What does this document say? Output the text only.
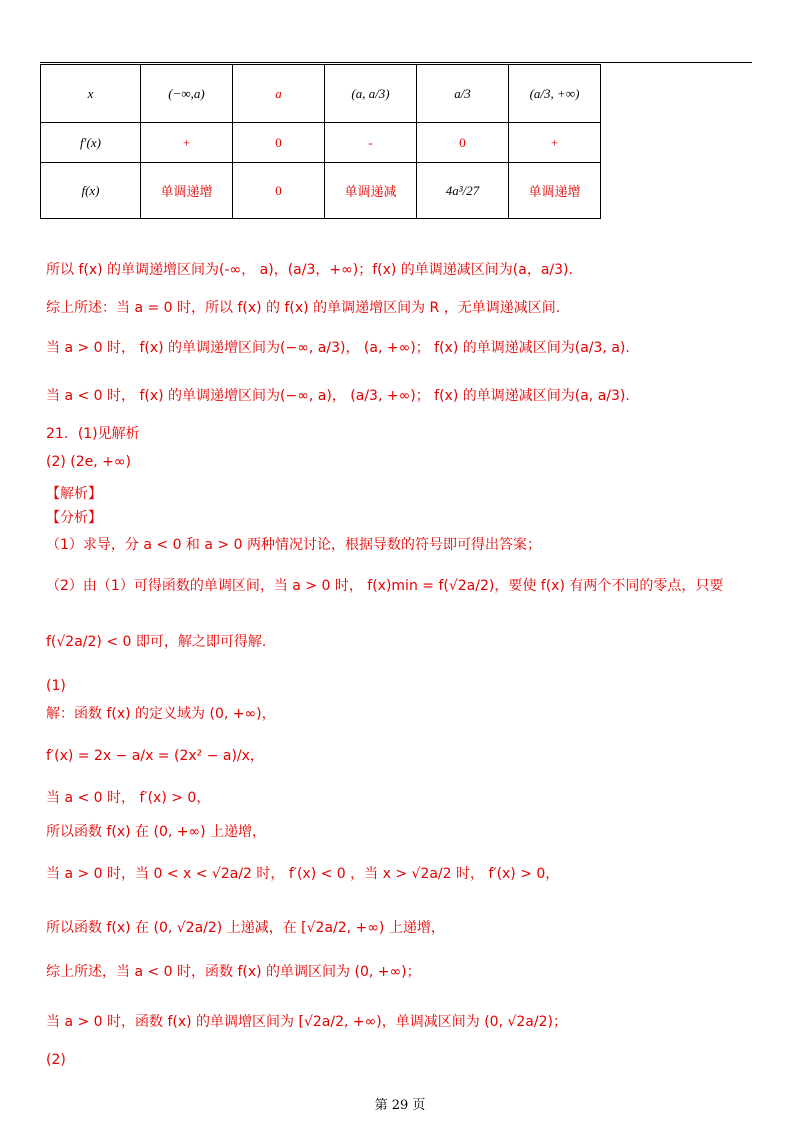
x	(−∞,a)	a	(a, a/3)	a/3	(a/3, +∞)
f′(x)	+	0	-	0	+
f(x)	单调递增	0	单调递减	4a³/27	单调递增
所以 f(x) 的单调递增区间为(-∞， a)，(a/3，+∞)；f(x) 的单调递减区间为(a，a/3).
综上所述：当 a = 0 时，所以 f(x) 的 f(x) 的单调递增区间为 R ，无单调递减区间.
当 a > 0 时， f(x) 的单调递增区间为(−∞, a/3)， (a, +∞)； f(x) 的单调递减区间为(a/3, a).
当 a < 0 时， f(x) 的单调递增区间为(−∞, a)， (a/3, +∞)； f(x) 的单调递减区间为(a, a/3).
21．(1)见解析
(2) (2e, +∞)
【解析】
【分析】
（1）求导，分 a < 0 和 a > 0 两种情况讨论，根据导数的符号即可得出答案；
（2）由（1）可得函数的单调区间，当 a > 0 时， f(x)min = f(√2a/2)，要使 f(x) 有两个不同的零点，只要
f(√2a/2) < 0 即可，解之即可得解.
(1)
解：函数 f(x) 的定义域为 (0, +∞)，
f′(x) = 2x − a/x = (2x² − a)/x，
当 a < 0 时， f′(x) > 0，
所以函数 f(x) 在 (0, +∞) 上递增，
当 a > 0 时，当 0 < x < √2a/2 时， f′(x) < 0 ，当 x > √2a/2 时， f′(x) > 0，
所以函数 f(x) 在 (0, √2a/2) 上递减，在 [√2a/2, +∞) 上递增，
综上所述，当 a < 0 时，函数 f(x) 的单调区间为 (0, +∞)；
当 a > 0 时，函数 f(x) 的单调增区间为 [√2a/2, +∞)，单调减区间为 (0, √2a/2)；
(2)
第 29 页
